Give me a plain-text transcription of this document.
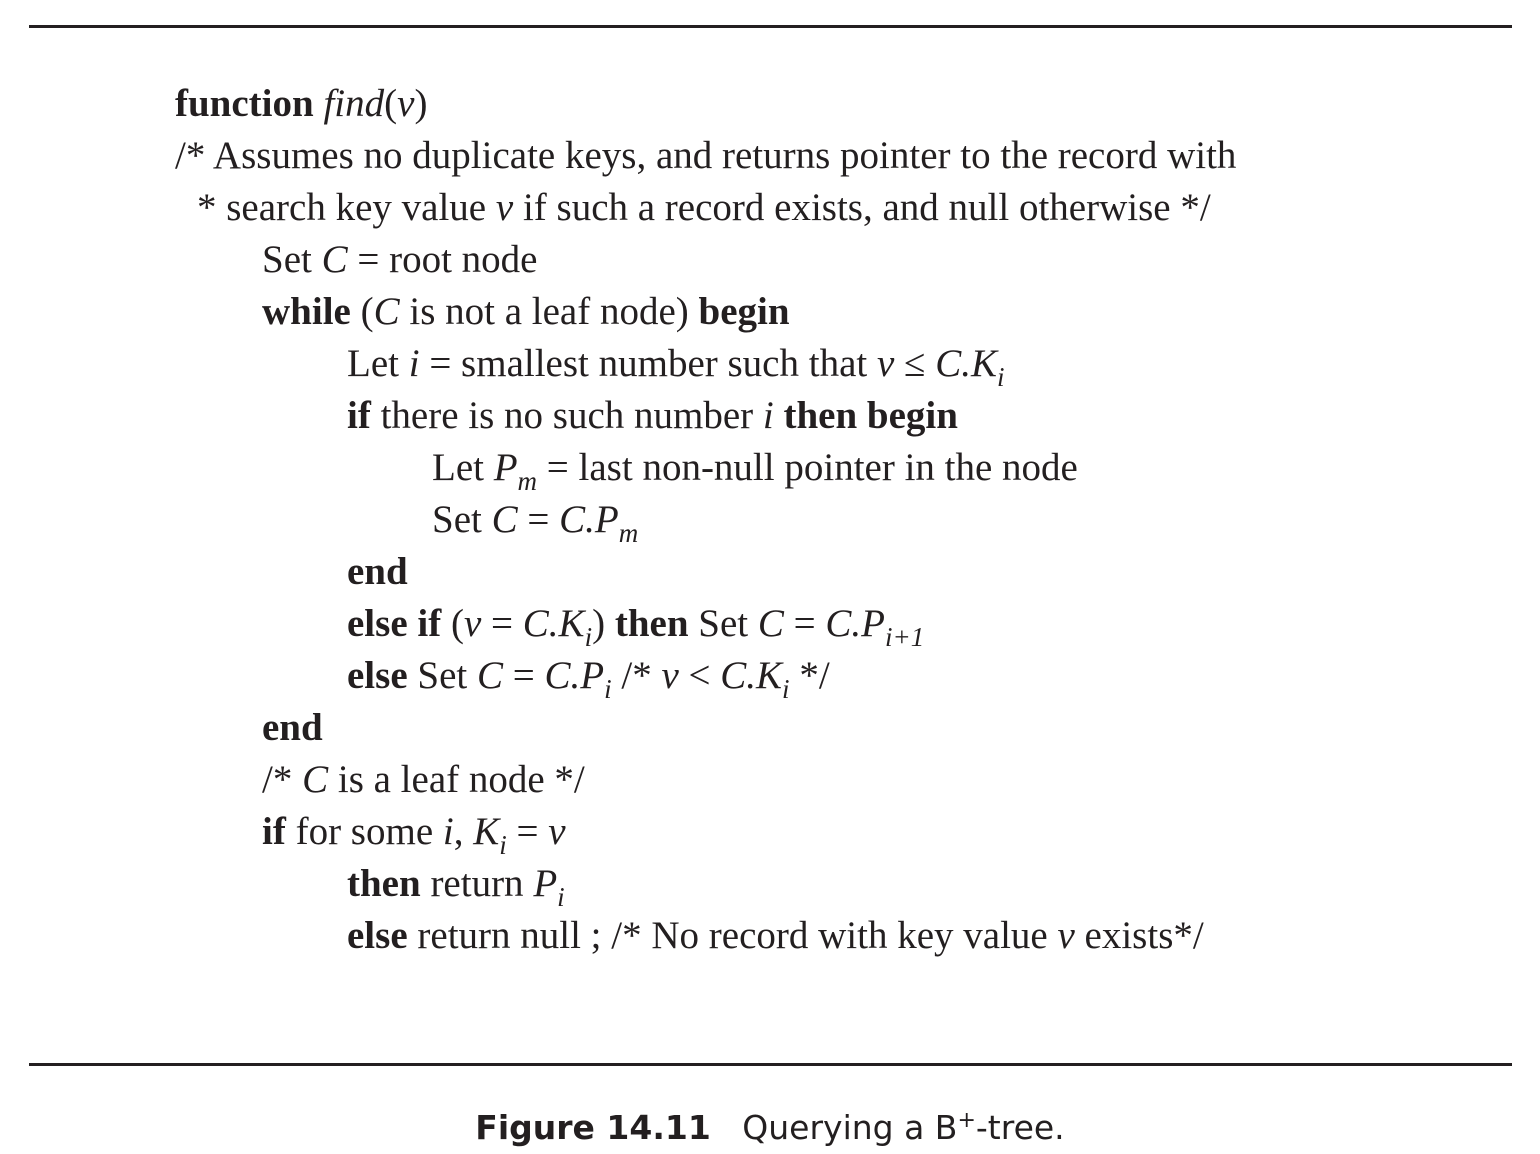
function find(v)
/* Assumes no duplicate keys, and returns pointer to the record with
* search key value v if such a record exists, and null otherwise */
Set C = root node
while (C is not a leaf node) begin
Let i = smallest number such that $v \le C.K_i$
if there is no such number i then begin
Let $P_m$ = last non-null pointer in the node
Set $C = C.P_m$
end
else if $(v = C.K_i)$ then Set $C = C.P_{i+1}$
else Set $C = C.P_i /* v < C.K_i$ */
end
/* C is a leaf node */
if for some i, $K_i = v$
then return $P_i$
else return null ; /* No record with key value v exists*/
Figure 14.11 Querying a B+-tree.
